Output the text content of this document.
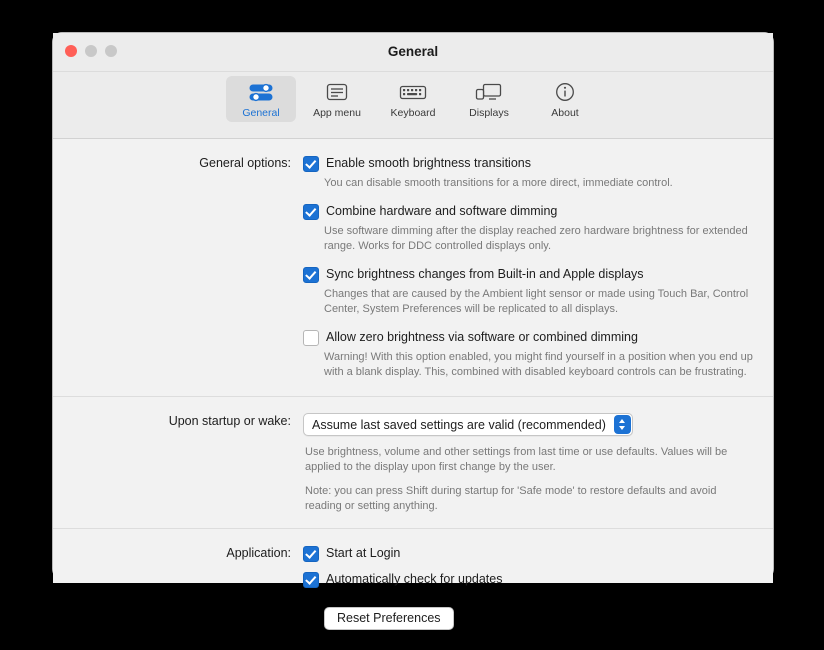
General
General	App menu	Keyboard	Displays	About
General options:	Enable smooth brightness transitions
You can disable smooth transitions for a more direct, immediate control.
Combine hardware and software dimming
Use software dimming after the display reached zero hardware brightness for extended range. Works for DDC controlled displays only.
Sync brightness changes from Built-in and Apple displays
Changes that are caused by the Ambient light sensor or made using Touch Bar, Control Center, System Preferences will be replicated to all displays.
Allow zero brightness via software or combined dimming
Warning! With this option enabled, you might find yourself in a position when you end up with a blank display. This, combined with disabled keyboard controls can be frustrating.
Upon startup or wake:	Assume last saved settings are valid (recommended)
Use brightness, volume and other settings from last time or use defaults. Values will be applied to the display upon first change by the user.
Note: you can press Shift during startup for 'Safe mode' to restore defaults and avoid reading or setting anything.
Application:	Start at Login
Automatically check for updates
Reset Preferences
